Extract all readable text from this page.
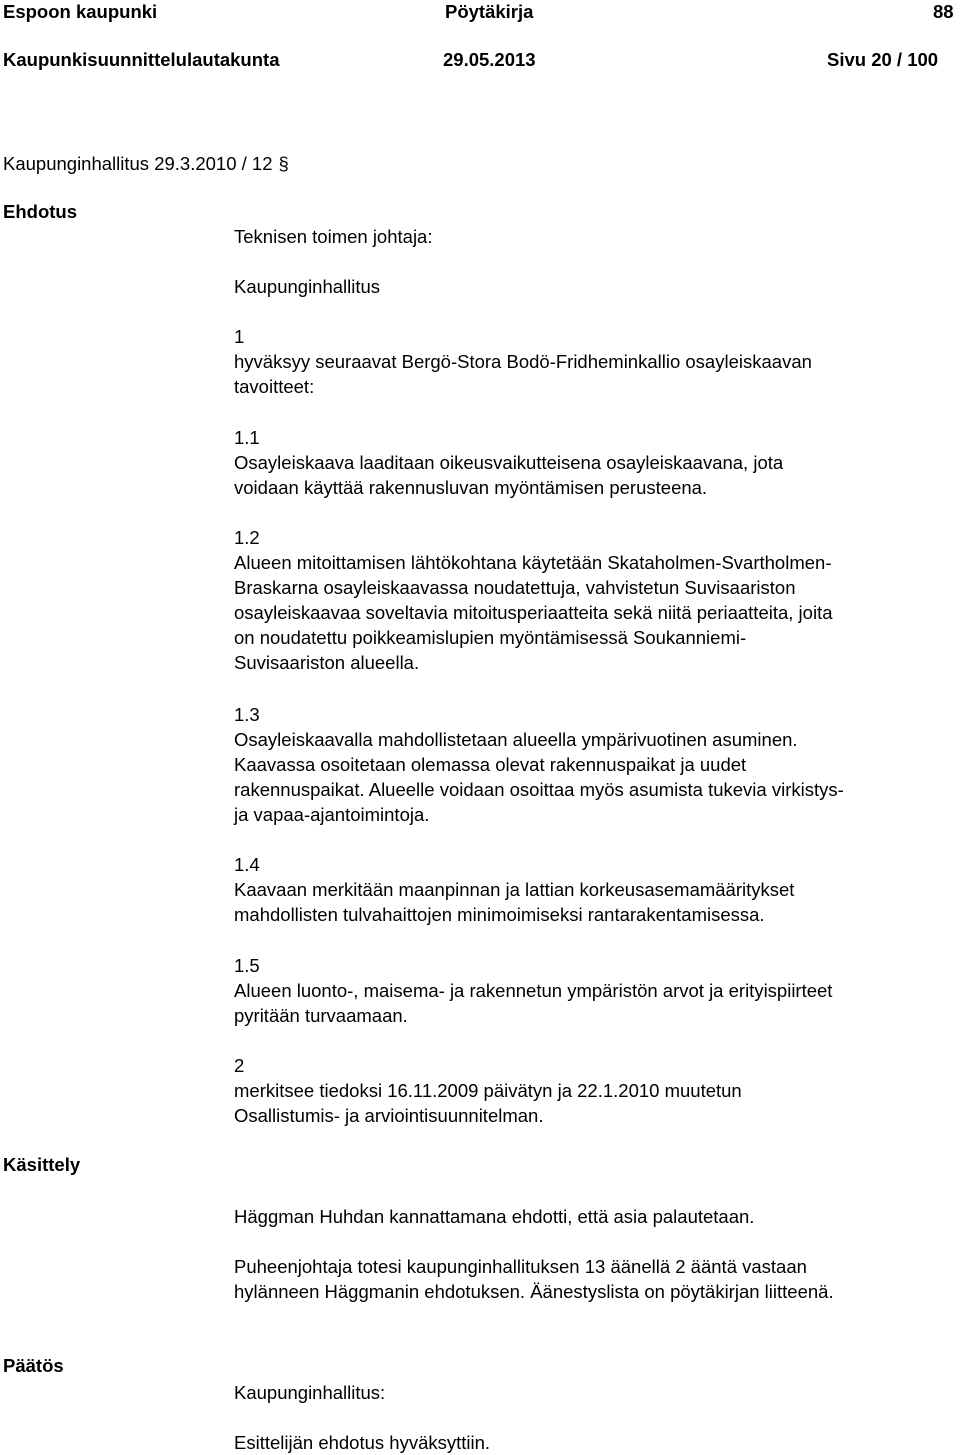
Espoon kaupunki	Pöytäkirja	88
Kaupunkisuunnittelulautakunta	29.05.2013	Sivu 20 / 100
Kaupunginhallitus 29.3.2010 / 12 §
Ehdotus
Käsittely
Päätös

Teknisen toimen johtaja:

Kaupunginhallitus

1

hyväksyy seuraavat Bergö-Stora Bodö-Fridheminkallio osayleiskaavan

tavoitteet:

1.1

Osayleiskaava laaditaan oikeusvaikutteisena osayleiskaavana, jota

voidaan käyttää rakennusluvan myöntämisen perusteena.

1.2

Alueen mitoittamisen lähtökohtana käytetään Skataholmen-Svartholmen-

Braskarna osayleiskaavassa noudatettuja, vahvistetun Suvisaariston

osayleiskaavaa soveltavia mitoitusperiaatteita sekä niitä periaatteita, joita

on noudatettu poikkeamislupien myöntämisessä Soukanniemi-

Suvisaariston alueella.

1.3

Osayleiskaavalla mahdollistetaan alueella ympärivuotinen asuminen.

Kaavassa osoitetaan olemassa olevat rakennuspaikat ja uudet

rakennuspaikat. Alueelle voidaan osoittaa myös asumista tukevia virkistys-

ja vapaa-ajantoimintoja.

1.4

Kaavaan merkitään maanpinnan ja lattian korkeusasemamääritykset

mahdollisten tulvahaittojen minimoimiseksi rantarakentamisessa.

1.5

Alueen luonto-, maisema- ja rakennetun ympäristön arvot ja erityispiirteet

pyritään turvaamaan.

2

merkitsee tiedoksi 16.11.2009 päivätyn ja 22.1.2010 muutetun

Osallistumis- ja arviointisuunnitelman.

Häggman Huhdan kannattamana ehdotti, että asia palautetaan.

Puheenjohtaja totesi kaupunginhallituksen 13 äänellä 2 ääntä vastaan

hylänneen Häggmanin ehdotuksen. Äänestyslista on pöytäkirjan liitteenä.

Kaupunginhallitus:

Esittelijän ehdotus hyväksyttiin.
